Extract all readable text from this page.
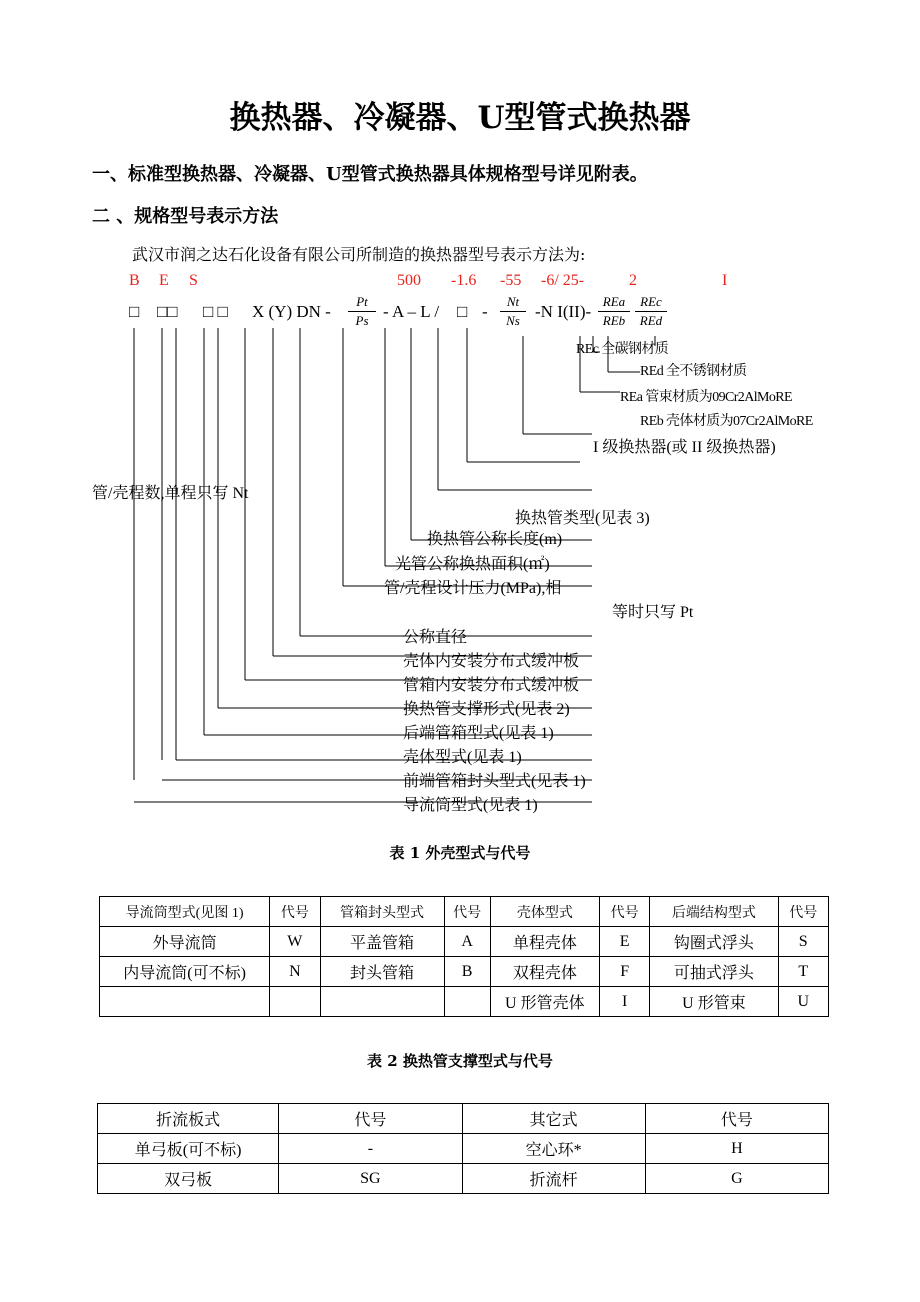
换热器、冷凝器、U型管式换热器
一、标准型换热器、冷凝器、U型管式换热器具体规格型号详见附表。
二 、规格型号表示方法
武汉市润之达石化设备有限公司所制造的换热器型号表示方法为:
B E S	500 -1.6 -55 -6/ 25-	2	I
□ □□ □ □ X (Y) DN - $\frac{Pt}{Ps}$ - A – L / □ - $\frac{Nt}{Ns} -N$ I(II)-
REa
REb
REc
REd
REc 全碳钢材质
REd 全不锈钢材质
REa 管束材质为09Cr2AlMoRE
REb 壳体材质为07Cr2AlMoRE
I 级换热器(或 II 级换热器)
管/壳程数,单程只写 Nt
换热管类型(见表 3)
换热管公称长度(m)
光管公称换热面积(㎡)
管/壳程设计压力(MPa),相
等时只写 Pt
公称直径
壳体内安装分布式缓冲板
管箱内安装分布式缓冲板
换热管支撑形式(见表 2)
后端管箱型式(见表 1)
壳体型式(见表 1)
前端管箱封头型式(见表 1)
导流筒型式(见表 1)
表 1 外壳型式与代号
导流筒型式(见图 1)	代号	管箱封头型式	代号	壳体型式	代号	后端结构型式	代号
外导流筒	W	平盖管箱	A	单程壳体	E	钩圈式浮头	S
内导流筒(可不标)	N	封头管箱	B	双程壳体	F	可抽式浮头	T
				U 形管壳体	I	U 形管束	U
表 2 换热管支撑型式与代号
折流板式	代号	其它式	代号
单弓板(可不标)	-	空心环*	H
双弓板	SG	折流杆	G
